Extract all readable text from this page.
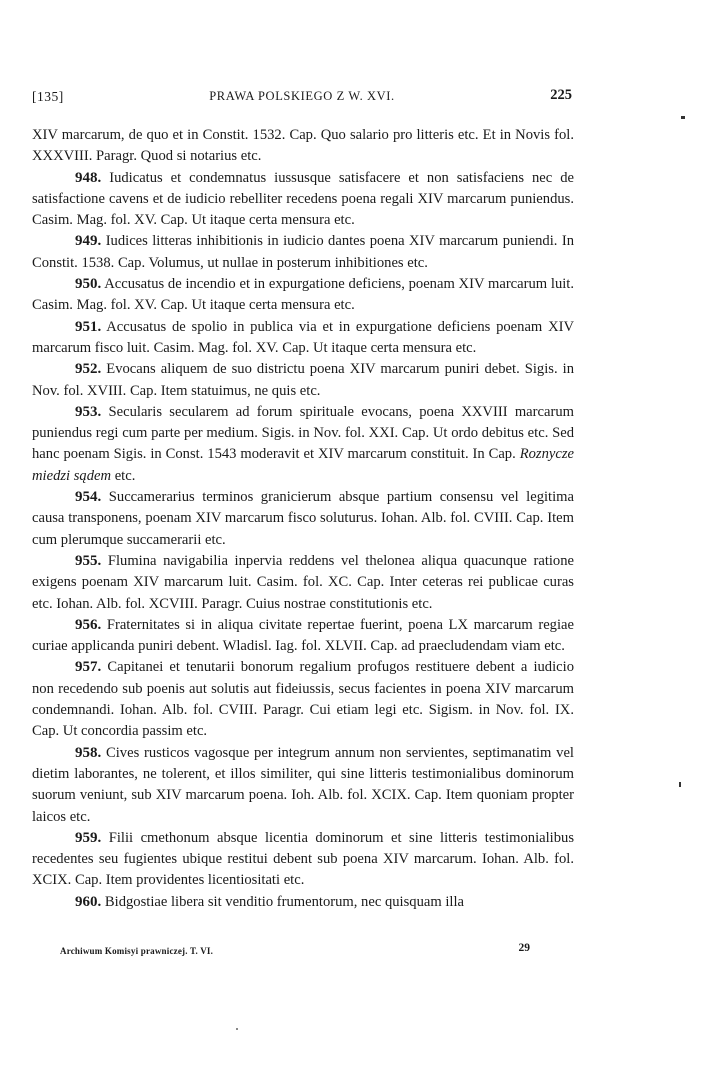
[135]	PRAWA POLSKIEGO Z W. XVI.	225

XIV marcarum, de quo et in Constit. 1532. Cap. Quo salario pro litteris etc. Et in Novis fol. XXXVIII. Paragr. Quod si notarius etc.

948. Iudicatus et condemnatus iussusque satisfacere et non satisfaciens nec de satisfactione cavens et de iudicio rebelliter recedens poena regali XIV marcarum puniendus. Casim. Mag. fol. XV. Cap. Ut itaque certa mensura etc.

949. Iudices litteras inhibitionis in iudicio dantes poena XIV marcarum puniendi. In Constit. 1538. Cap. Volumus, ut nullae in posterum inhibitiones etc.

950. Accusatus de incendio et in expurgatione deficiens, poenam XIV marcarum luit. Casim. Mag. fol. XV. Cap. Ut itaque certa mensura etc.

951. Accusatus de spolio in publica via et in expurgatione deficiens poenam XIV marcarum fisco luit. Casim. Mag. fol. XV. Cap. Ut itaque certa mensura etc.

952. Evocans aliquem de suo districtu poena XIV marcarum puniri debet. Sigis. in Nov. fol. XVIII. Cap. Item statuimus, ne quis etc.

953. Secularis secularem ad forum spirituale evocans, poena XXVIII marcarum puniendus regi cum parte per medium. Sigis. in Nov. fol. XXI. Cap. Ut ordo debitus etc. Sed hanc poenam Sigis. in Const. 1543 moderavit et XIV marcarum constituit. In Cap. Roznycze miedzi sądem etc.

954. Succamerarius terminos granicierum absque partium consensu vel legitima causa transponens, poenam XIV marcarum fisco soluturus. Iohan. Alb. fol. CVIII. Cap. Item cum plerumque succamerarii etc.

955. Flumina navigabilia inpervia reddens vel thelonea aliqua quacunque ratione exigens poenam XIV marcarum luit. Casim. fol. XC. Cap. Inter ceteras rei publicae curas etc. Iohan. Alb. fol. XCVIII. Paragr. Cuius nostrae constitutionis etc.

956. Fraternitates si in aliqua civitate repertae fuerint, poena LX marcarum regiae curiae applicanda puniri debent. Wladisl. Iag. fol. XLVII. Cap. ad praecludendam viam etc.

957. Capitanei et tenutarii bonorum regalium profugos restituere debent a iudicio non recedendo sub poenis aut solutis aut fideiussis, secus facientes in poena XIV marcarum condemnandi. Iohan. Alb. fol. CVIII. Paragr. Cui etiam legi etc. Sigism. in Nov. fol. IX. Cap. Ut concordia passim etc.

958. Cives rusticos vagosque per integrum annum non servientes, septimanatim vel dietim laborantes, ne tolerent, et illos similiter, qui sine litteris testimonialibus dominorum suorum veniunt, sub XIV marcarum poena. Ioh. Alb. fol. XCIX. Cap. Item quoniam propter laicos etc.

959. Filii cmethonum absque licentia dominorum et sine litteris testimonialibus recedentes seu fugientes ubique restitui debent sub poena XIV marcarum. Iohan. Alb. fol. XCIX. Cap. Item providentes licentiositati etc.

960. Bidgostiae libera sit venditio frumentorum, nec quisquam illa

Archiwum Komisyi prawniczej. T. VI.	29
